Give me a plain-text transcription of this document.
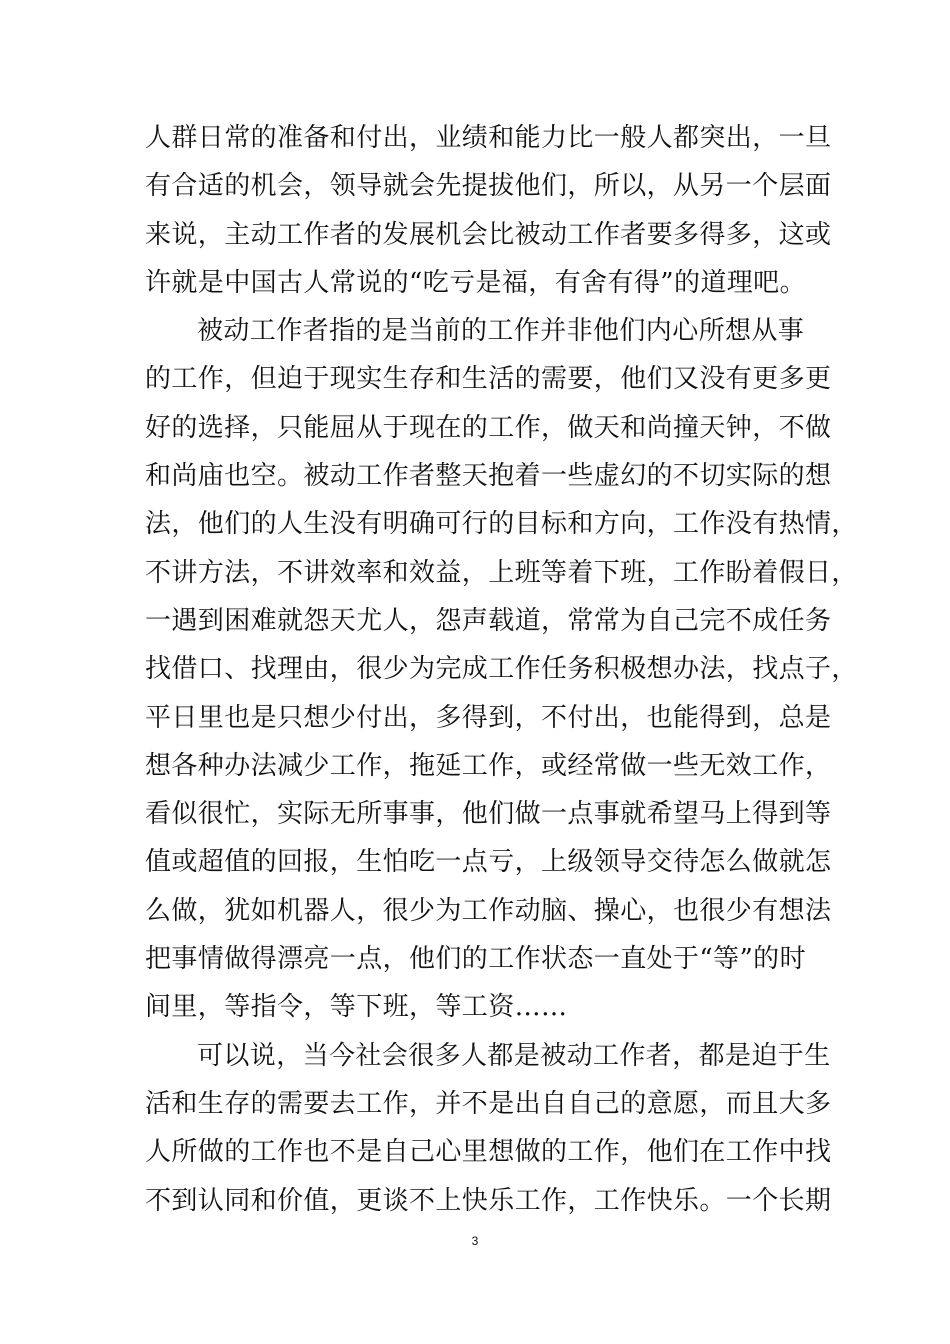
人群日常的准备和付出，业绩和能力比一般人都突出，一旦
有合适的机会，领导就会先提拔他们，所以，从另一个层面
来说，主动工作者的发展机会比被动工作者要多得多，这或
许就是中国古人常说的“吃亏是福，有舍有得”的道理吧。
被动工作者指的是当前的工作并非他们内心所想从事
的工作，但迫于现实生存和生活的需要，他们又没有更多更
好的选择，只能屈从于现在的工作，做天和尚撞天钟，不做
和尚庙也空。被动工作者整天抱着一些虚幻的不切实际的想
法，他们的人生没有明确可行的目标和方向，工作没有热情，
不讲方法，不讲效率和效益，上班等着下班，工作盼着假日，
一遇到困难就怨天尤人，怨声载道，常常为自己完不成任务
找借口、找理由，很少为完成工作任务积极想办法，找点子，
平日里也是只想少付出，多得到，不付出，也能得到，总是
想各种办法减少工作，拖延工作，或经常做一些无效工作，
看似很忙，实际无所事事，他们做一点事就希望马上得到等
值或超值的回报，生怕吃一点亏，上级领导交待怎么做就怎
么做，犹如机器人，很少为工作动脑、操心，也很少有想法
把事情做得漂亮一点，他们的工作状态一直处于“等”的时
间里，等指令，等下班，等工资……
可以说，当今社会很多人都是被动工作者，都是迫于生
活和生存的需要去工作，并不是出自自己的意愿，而且大多
人所做的工作也不是自己心里想做的工作，他们在工作中找
不到认同和价值，更谈不上快乐工作，工作快乐。一个长期
3
